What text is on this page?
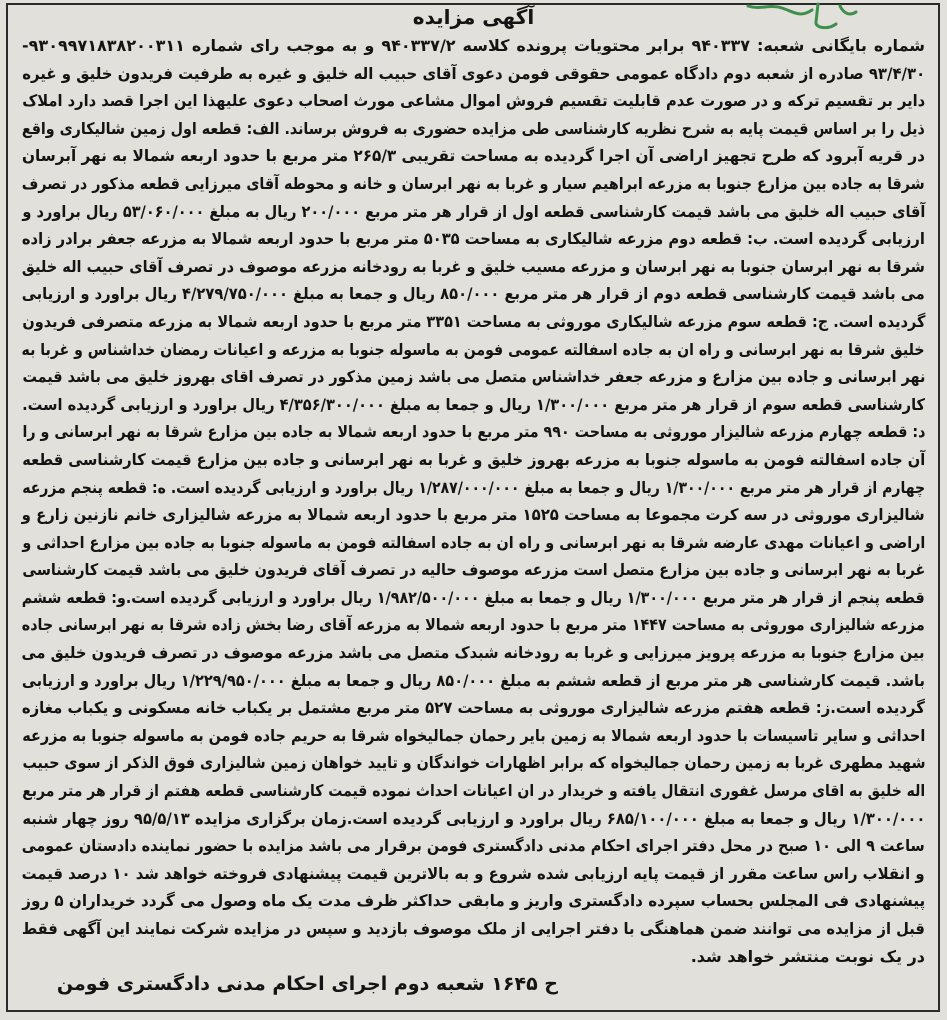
آگهی مزایده
شماره بایگانی شعبه: ۹۴۰۳۳۷ برابر محتویات پرونده کلاسه ۹۴۰۳۳۷/۲ و به موجب رای شماره ۹۳۰۹۹۷۱۸۳۸۲۰۰۳۱۱-
۹۳/۴/۳۰ صادره از شعبه دوم دادگاه عمومی حقوقی فومن دعوی آقای حبیب اله خلیق و غیره به طرفیت فریدون خلیق و غیره
دایر بر تقسیم ترکه و در صورت عدم قابلیت تقسیم فروش اموال مشاعی مورث اصحاب دعوی علیهذا این اجرا قصد دارد املاک
ذیل را بر اساس قیمت پایه به شرح نظریه کارشناسی طی مزایده حضوری به فروش برساند. الف: قطعه اول زمین شالیکاری واقع
در قریه آبرود که طرح تجهیز اراضی آن اجرا گردیده به مساحت تقریبی ۲۶۵/۳ متر مربع با حدود اربعه شمالا به نهر آبرسان
شرقا به جاده بین مزارع جنوبا به مزرعه ابراهیم سیار و غربا به نهر ابرسان و خانه و محوطه آقای میرزایی قطعه مذکور در تصرف
آقای حبیب اله خلیق می باشد قیمت کارشناسی قطعه اول از قرار هر متر مربع ۲۰۰/۰۰۰ ریال به مبلغ ۵۳/۰۶۰/۰۰۰ ریال براورد و
ارزیابی گردیده است. ب: قطعه دوم مزرعه شالیکاری به مساحت ۵۰۳۵ متر مربع با حدود اربعه شمالا به مزرعه جعفر برادر زاده
شرقا به نهر ابرسان جنوبا به نهر ابرسان و مزرعه مسیب خلیق و غربا به رودخانه مزرعه موصوف در تصرف آقای حبیب اله خلیق
می باشد قیمت کارشناسی قطعه دوم از قرار هر متر مربع ۸۵۰/۰۰۰ ریال و جمعا به مبلغ ۴/۲۷۹/۷۵۰/۰۰۰ ریال براورد و ارزیابی
گردیده است. ج: قطعه سوم مزرعه شالیکاری موروثی به مساحت ۳۳۵۱ متر مربع با حدود اربعه شمالا به مزرعه متصرفی فریدون
خلیق شرقا به نهر ابرسانی و راه ان به جاده اسفالته عمومی فومن به ماسوله جنوبا به مزرعه و اعیانات رمضان خداشناس و غربا به
نهر ابرسانی و جاده بین مزارع و مزرعه جعفر خداشناس متصل می باشد زمین مذکور در تصرف اقای بهروز خلیق می باشد قیمت
کارشناسی قطعه سوم از قرار هر متر مربع ۱/۳۰۰/۰۰۰ ریال و جمعا به مبلغ ۴/۳۵۶/۳۰۰/۰۰۰ ریال براورد و ارزیابی گردیده است.
د: قطعه چهارم مزرعه شالیزار موروثی به مساحت ۹۹۰ متر مربع با حدود اربعه شمالا به جاده بین مزارع شرقا به نهر ابرسانی و را
آن جاده اسفالته فومن به ماسوله جنوبا به مزرعه بهروز خلیق و غربا به نهر ابرسانی و جاده بین مزارع قیمت کارشناسی قطعه
چهارم از قرار هر متر مربع ۱/۳۰۰/۰۰۰ ریال و جمعا به مبلغ ۱/۲۸۷/۰۰۰/۰۰۰ ریال براورد و ارزیابی گردیده است. ه: قطعه پنجم مزرعه
شالیزاری موروثی در سه کرت مجموعا به مساحت ۱۵۲۵ متر مربع با حدود اربعه شمالا به مزرعه شالیزاری خانم نازنین زارع و
اراضی و اعیانات مهدی عارضه شرقا به نهر ابرسانی و راه ان به جاده اسفالته فومن به ماسوله جنوبا به جاده بین مزارع احداثی و
غربا به نهر ابرسانی و جاده بین مزارع متصل است مزرعه موصوف حالیه در تصرف آقای فریدون خلیق می باشد قیمت کارشناسی
قطعه پنجم از قرار هر متر مربع ۱/۳۰۰/۰۰۰ ریال و جمعا به مبلغ ۱/۹۸۲/۵۰۰/۰۰۰ ریال براورد و ارزیابی گردیده است.و: قطعه ششم
مزرعه شالیزاری موروثی به مساحت ۱۴۴۷ متر مربع با حدود اربعه شمالا به مزرعه آقای رضا بخش زاده شرقا به نهر ابرسانی جاده
بین مزارع جنوبا به مزرعه پرویز میرزایی و غربا به رودخانه شبدک متصل می باشد مزرعه موصوف در تصرف فریدون خلیق می
باشد. قیمت کارشناسی هر متر مربع از قطعه ششم به مبلغ ۸۵۰/۰۰۰ ریال و جمعا به مبلغ ۱/۲۲۹/۹۵۰/۰۰۰ ریال براورد و ارزیابی
گردیده است.ز: قطعه هفتم مزرعه شالیزاری موروثی به مساحت ۵۲۷ متر مربع مشتمل بر یکباب خانه مسکونی و یکباب مغازه
احداثی و سایر تاسیسات با حدود اربعه شمالا به زمین بایر رحمان جمالیخواه شرقا به حریم جاده فومن به ماسوله جنوبا به مزرعه
شهید مطهری غربا به زمین رحمان جمالیخواه که برابر اظهارات خواندگان و تایید خواهان زمین شالیزاری فوق الذکر از سوی حبیب
اله خلیق به اقای مرسل غفوری انتقال یافته و خریدار در ان اعیانات احداث نموده قیمت کارشناسی قطعه هفتم از قرار هر متر مربع
۱/۳۰۰/۰۰۰ ریال و جمعا به مبلغ ۶۸۵/۱۰۰/۰۰۰ ریال براورد و ارزیابی گردیده است.زمان برگزاری مزایده ۹۵/۵/۱۳ روز چهار شنبه
ساعت ۹ الی ۱۰ صبح در محل دفتر اجرای احکام مدنی دادگستری فومن برقرار می باشد مزایده با حضور نماینده دادستان عمومی
و انقلاب راس ساعت مقرر از قیمت پایه ارزیابی شده شروع و به بالاترین قیمت پیشنهادی فروخته خواهد شد ۱۰ درصد قیمت
پیشنهادی فی المجلس بحساب سپرده دادگستری واریز و مابقی حداکثر ظرف مدت یک ماه وصول می گردد خریداران ۵ روز
قبل از مزایده می توانند ضمن هماهنگی با دفتر اجرایی از ملک موصوف بازدید و سپس در مزایده شرکت نمایند این آگهی فقط
در یک نوبت منتشر خواهد شد.
ح ۱۶۴۵ شعبه دوم اجرای احکام مدنی دادگستری فومن
